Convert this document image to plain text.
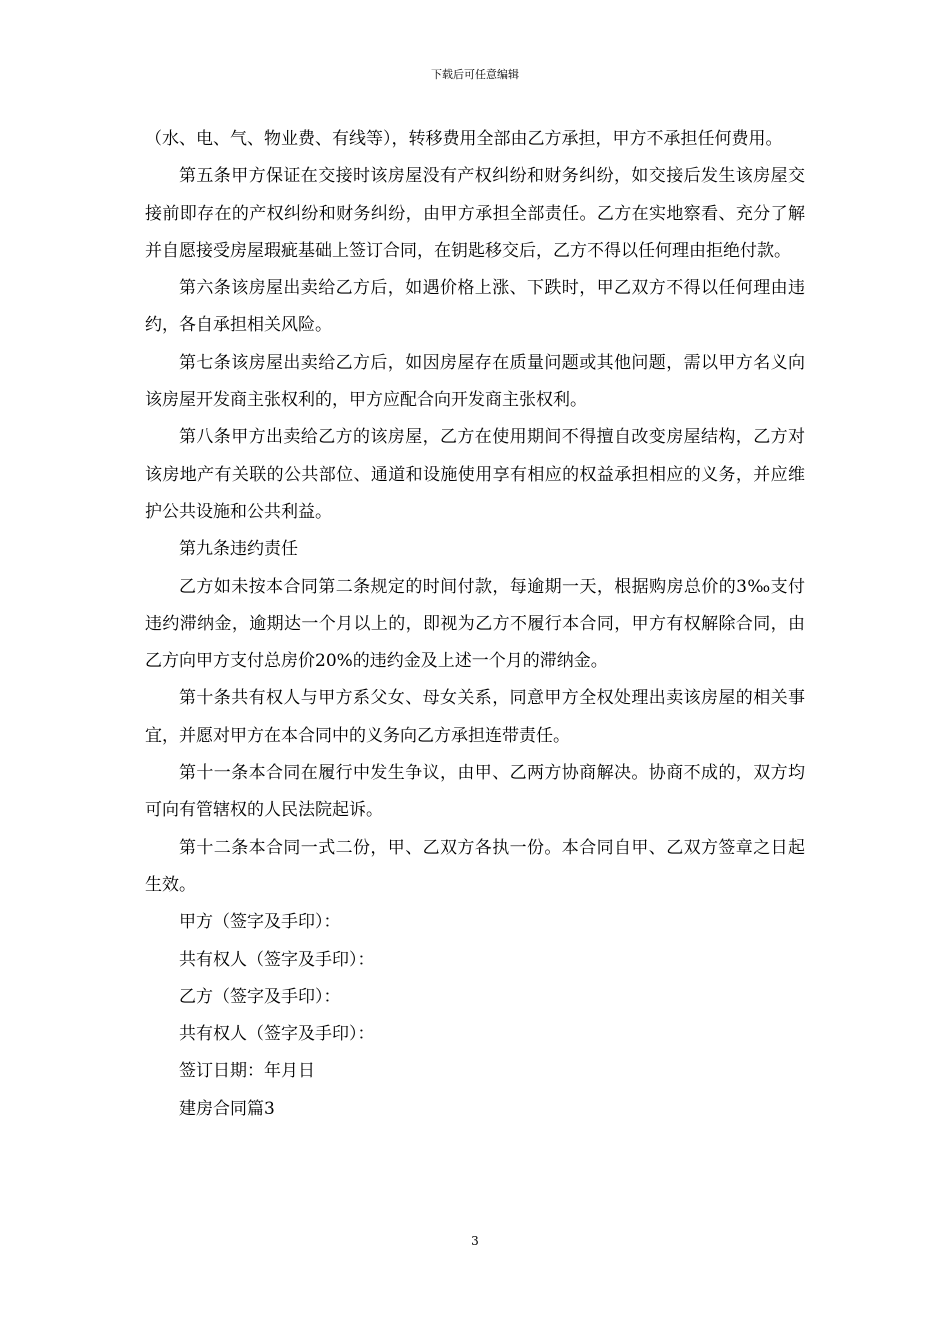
下载后可任意编辑

（水、电、气、物业费、有线等），转移费用全部由乙方承担，甲方不承担任何费用。

第五条甲方保证在交接时该房屋没有产权纠纷和财务纠纷，如交接后发生该房屋交接前即存在的产权纠纷和财务纠纷，由甲方承担全部责任。乙方在实地察看、充分了解并自愿接受房屋瑕疵基础上签订合同，在钥匙移交后，乙方不得以任何理由拒绝付款。

第六条该房屋出卖给乙方后，如遇价格上涨、下跌时，甲乙双方不得以任何理由违约，各自承担相关风险。

第七条该房屋出卖给乙方后，如因房屋存在质量问题或其他问题，需以甲方名义向该房屋开发商主张权利的，甲方应配合向开发商主张权利。

第八条甲方出卖给乙方的该房屋，乙方在使用期间不得擅自改变房屋结构，乙方对该房地产有关联的公共部位、通道和设施使用享有相应的权益承担相应的义务，并应维护公共设施和公共利益。

第九条违约责任

乙方如未按本合同第二条规定的时间付款，每逾期一天，根据购房总价的3‰支付违约滞纳金，逾期达一个月以上的，即视为乙方不履行本合同，甲方有权解除合同，由乙方向甲方支付总房价20%的违约金及上述一个月的滞纳金。

第十条共有权人与甲方系父女、母女关系，同意甲方全权处理出卖该房屋的相关事宜，并愿对甲方在本合同中的义务向乙方承担连带责任。

第十一条本合同在履行中发生争议，由甲、乙两方协商解决。协商不成的，双方均可向有管辖权的人民法院起诉。

第十二条本合同一式二份，甲、乙双方各执一份。本合同自甲、乙双方签章之日起生效。

甲方（签字及手印）：

共有权人（签字及手印）：

乙方（签字及手印）：

共有权人（签字及手印）：

签订日期：年月日

建房合同篇3

3
